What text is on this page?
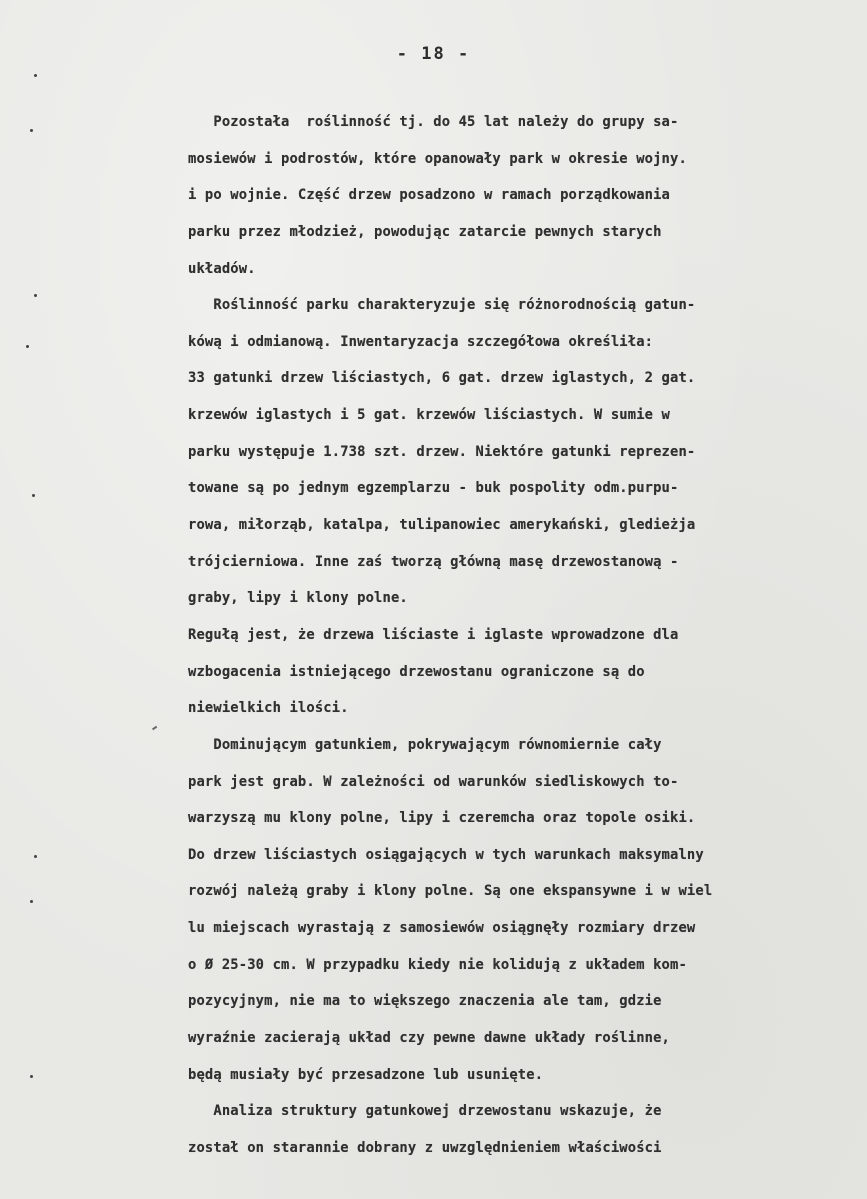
- 18 -
Pozostała  roślinność tj. do 45 lat należy do grupy sa-
mosiewów i podrostów, które opanowały park w okresie wojny.
i po wojnie. Część drzew posadzono w ramach porządkowania
parku przez młodzież, powodując zatarcie pewnych starych
układów.
Roślinność parku charakteryzuje się różnorodnością gatun-
kówą i odmianową. Inwentaryzacja szczegółowa określiła:
33 gatunki drzew liściastych, 6 gat. drzew iglastych, 2 gat.
krzewów iglastych i 5 gat. krzewów liściastych. W sumie w
parku występuje 1.738 szt. drzew. Niektóre gatunki reprezen-
towane są po jednym egzemplarzu - buk pospolity odm.purpu-
rowa, miłorząb, katalpa, tulipanowiec amerykański, gledieżja
trójcierniowa. Inne zaś tworzą główną masę drzewostanową -
graby, lipy i klony polne.
Regułą jest, że drzewa liściaste i iglaste wprowadzone dla
wzbogacenia istniejącego drzewostanu ograniczone są do
niewielkich ilości.
Dominującym gatunkiem, pokrywającym równomiernie cały
park jest grab. W zależności od warunków siedliskowych to-
warzyszą mu klony polne, lipy i czeremcha oraz topole osiki.
Do drzew liściastych osiągających w tych warunkach maksymalny
rozwój należą graby i klony polne. Są one ekspansywne i w wiel
lu miejscach wyrastają z samosiewów osiągnęły rozmiary drzew
o Ø 25-30 cm. W przypadku kiedy nie kolidują z układem kom-
pozycyjnym, nie ma to większego znaczenia ale tam, gdzie
wyraźnie zacierają układ czy pewne dawne układy roślinne,
będą musiały być przesadzone lub usunięte.
Analiza struktury gatunkowej drzewostanu wskazuje, że
został on starannie dobrany z uwzględnieniem właściwości
